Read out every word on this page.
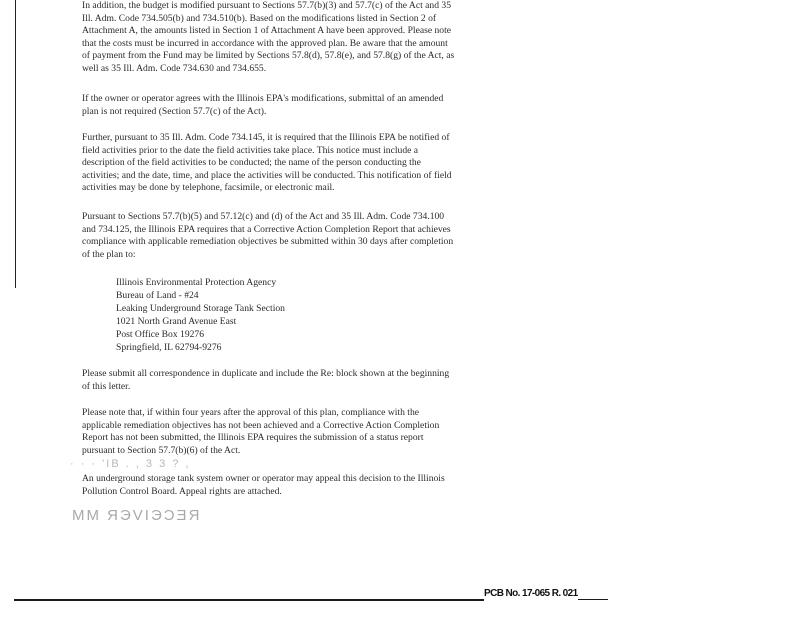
In addition, the budget is modified pursuant to Sections 57.7(b)(3) and 57.7(c) of the Act and 35
Ill. Adm. Code 734.505(b) and 734.510(b). Based on the modifications listed in Section 2 of
Attachment A, the amounts listed in Section 1 of Attachment A have been approved. Please note
that the costs must be incurred in accordance with the approved plan. Be aware that the amount
of payment from the Fund may be limited by Sections 57.8(d), 57.8(e), and 57.8(g) of the Act, as
well as 35 Ill. Adm. Code 734.630 and 734.655.

If the owner or operator agrees with the Illinois EPA's modifications, submittal of an amended
plan is not required (Section 57.7(c) of the Act).

Further, pursuant to 35 Ill. Adm. Code 734.145, it is required that the Illinois EPA be notified of
field activities prior to the date the field activities take place. This notice must include a
description of the field activities to be conducted; the name of the person conducting the
activities; and the date, time, and place the activities will be conducted. This notification of field
activities may be done by telephone, facsimile, or electronic mail.

Pursuant to Sections 57.7(b)(5) and 57.12(c) and (d) of the Act and 35 Ill. Adm. Code 734.100
and 734.125, the Illinois EPA requires that a Corrective Action Completion Report that achieves
compliance with applicable remediation objectives be submitted within 30 days after completion
of the plan to:

Illinois Environmental Protection Agency
Bureau of Land - #24
Leaking Underground Storage Tank Section
1021 North Grand Avenue East
Post Office Box 19276
Springfield, IL 62794-9276

Please submit all correspondence in duplicate and include the Re: block shown at the beginning
of this letter.

Please note that, if within four years after the approval of this plan, compliance with the
applicable remediation objectives has not been achieved and a Corrective Action Completion
Report has not been submitted, the Illinois EPA requires the submission of a status report
pursuant to Section 57.7(b)(6) of the Act.

· · · 'IB . , 3 3 ? ,

An underground storage tank system owner or operator may appeal this decision to the Illinois
Pollution Control Board. Appeal rights are attached.

MM ЯЭVIЭƆƎЯ
PCB No. 17-065 R. 021
